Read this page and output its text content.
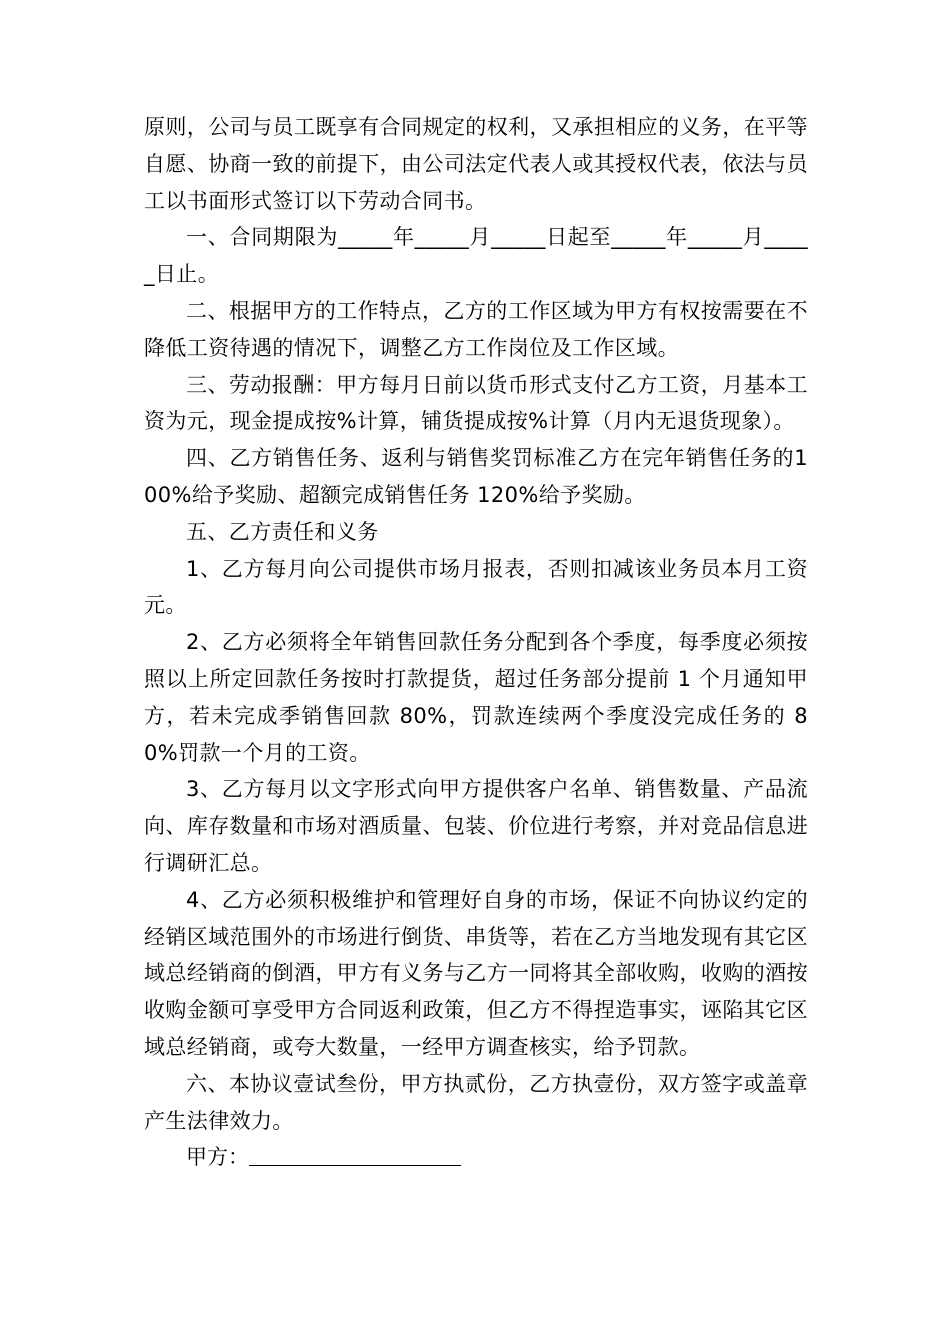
原则，公司与员工既享有合同规定的权利，又承担相应的义务，在平等自愿、协商一致的前提下，由公司法定代表人或其授权代表，依法与员工以书面形式签订以下劳动合同书。

一、合同期限为_____年_____月_____日起至_____年_____月_____日止。

二、根据甲方的工作特点，乙方的工作区域为甲方有权按需要在不降低工资待遇的情况下，调整乙方工作岗位及工作区域。

三、劳动报酬：甲方每月日前以货币形式支付乙方工资，月基本工资为元，现金提成按%计算，铺货提成按%计算（月内无退货现象）。

四、乙方销售任务、返利与销售奖罚标准乙方在完年销售任务的100%给予奖励、超额完成销售任务 120%给予奖励。

五、乙方责任和义务

1、乙方每月向公司提供市场月报表，否则扣减该业务员本月工资元。

2、乙方必须将全年销售回款任务分配到各个季度，每季度必须按照以上所定回款任务按时打款提货，超过任务部分提前 1 个月通知甲方，若未完成季销售回款 80%，罚款连续两个季度没完成任务的 80%罚款一个月的工资。

3、乙方每月以文字形式向甲方提供客户名单、销售数量、产品流向、库存数量和市场对酒质量、包装、价位进行考察，并对竞品信息进行调研汇总。

4、乙方必须积极维护和管理好自身的市场，保证不向协议约定的经销区域范围外的市场进行倒货、串货等，若在乙方当地发现有其它区域总经销商的倒酒，甲方有义务与乙方一同将其全部收购，收购的酒按收购金额可享受甲方合同返利政策，但乙方不得捏造事实，诬陷其它区域总经销商，或夸大数量，一经甲方调查核实，给予罚款。

六、本协议壹试叁份，甲方执贰份，乙方执壹份，双方签字或盖章产生法律效力。

甲方：
